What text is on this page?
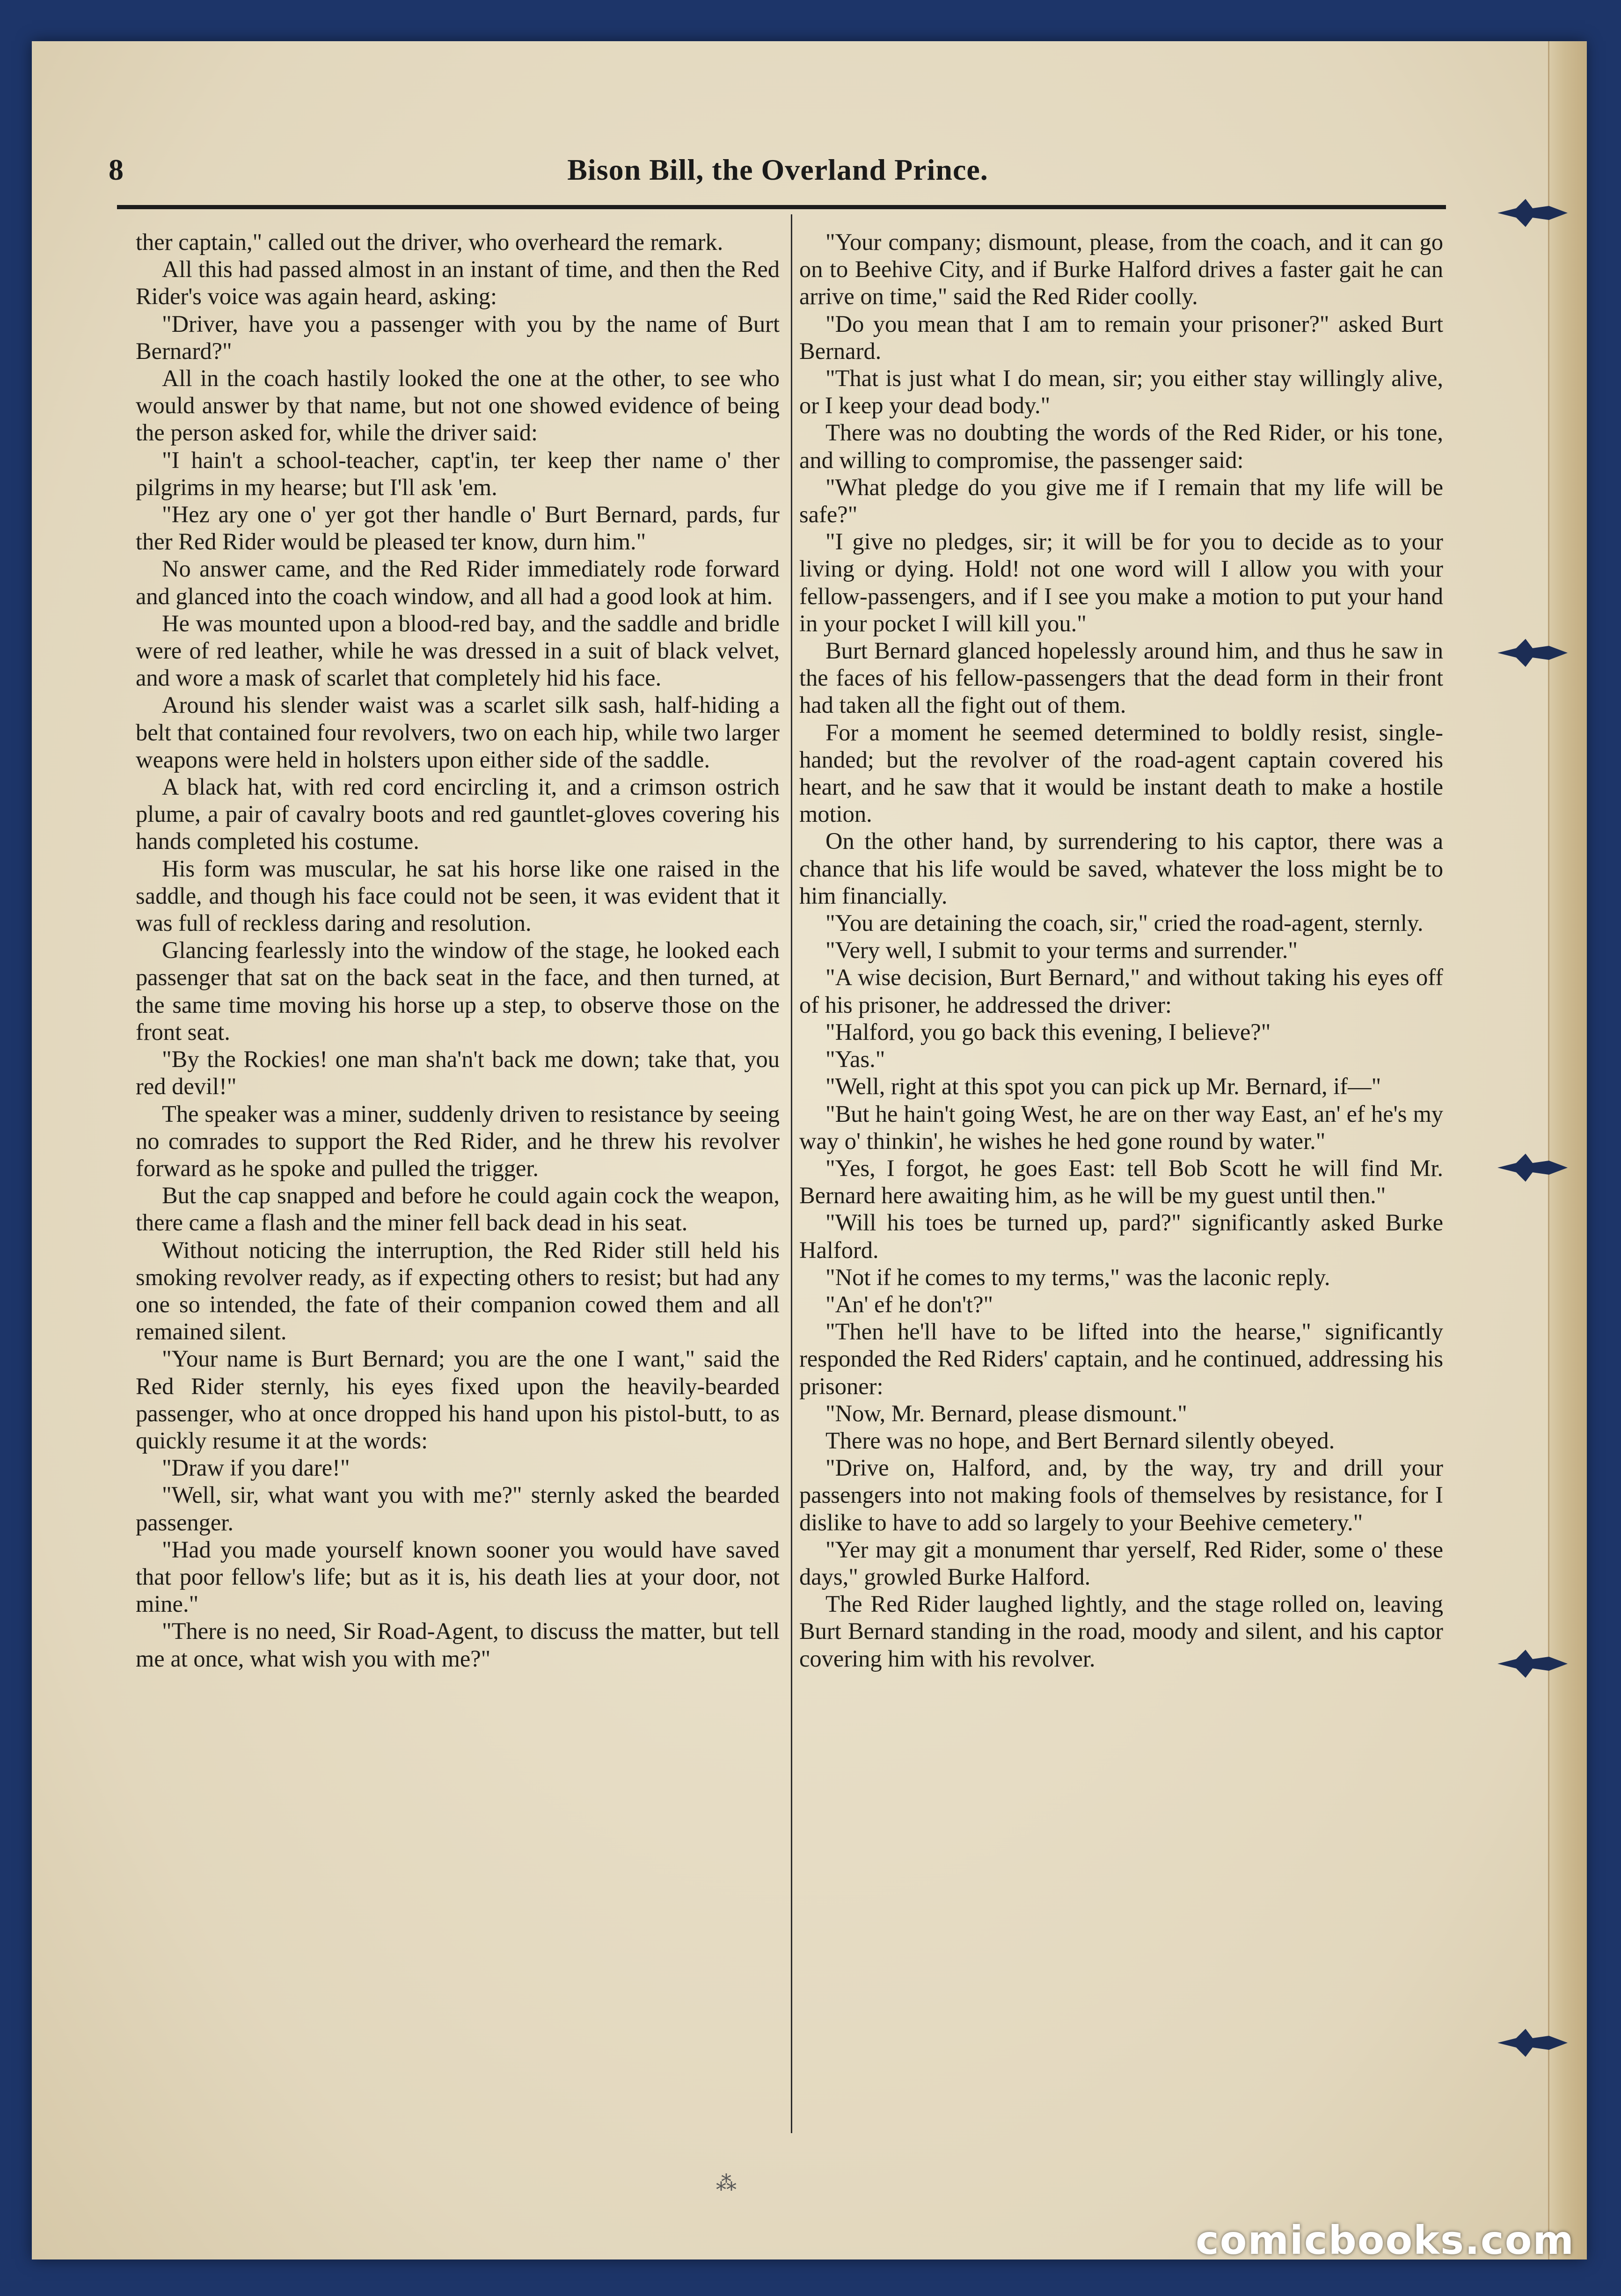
8	Bison Bill, the Overland Prince.

ther captain," called out the driver, who overheard the remark.

All this had passed almost in an instant of time, and then the Red Rider's voice was again heard, asking:

"Driver, have you a passenger with you by the name of Burt Bernard?"

All in the coach hastily looked the one at the other, to see who would answer by that name, but not one showed evidence of being the person asked for, while the driver said:

"I hain't a school-teacher, capt'in, ter keep ther name o' ther pilgrims in my hearse; but I'll ask 'em.

"Hez ary one o' yer got ther handle o' Burt Bernard, pards, fur ther Red Rider would be pleased ter know, durn him."

No answer came, and the Red Rider immediately rode forward and glanced into the coach window, and all had a good look at him.

He was mounted upon a blood-red bay, and the saddle and bridle were of red leather, while he was dressed in a suit of black velvet, and wore a mask of scarlet that completely hid his face.

Around his slender waist was a scarlet silk sash, half-hiding a belt that contained four revolvers, two on each hip, while two larger weapons were held in holsters upon either side of the saddle.

A black hat, with red cord encircling it, and a crimson ostrich plume, a pair of cavalry boots and red gauntlet-gloves covering his hands completed his costume.

His form was muscular, he sat his horse like one raised in the saddle, and though his face could not be seen, it was evident that it was full of reckless daring and resolution.

Glancing fearlessly into the window of the stage, he looked each passenger that sat on the back seat in the face, and then turned, at the same time moving his horse up a step, to observe those on the front seat.

"By the Rockies! one man sha'n't back me down; take that, you red devil!"

The speaker was a miner, suddenly driven to resistance by seeing no comrades to support the Red Rider, and he threw his revolver forward as he spoke and pulled the trigger.

But the cap snapped and before he could again cock the weapon, there came a flash and the miner fell back dead in his seat.

Without noticing the interruption, the Red Rider still held his smoking revolver ready, as if expecting others to resist; but had any one so intended, the fate of their companion cowed them and all remained silent.

"Your name is Burt Bernard; you are the one I want," said the Red Rider sternly, his eyes fixed upon the heavily-bearded passenger, who at once dropped his hand upon his pistol-butt, to as quickly resume it at the words:

"Draw if you dare!"

"Well, sir, what want you with me?" sternly asked the bearded passenger.

"Had you made yourself known sooner you would have saved that poor fellow's life; but as it is, his death lies at your door, not mine."

"There is no need, Sir Road-Agent, to discuss the matter, but tell me at once, what wish you with me?"

"Your company; dismount, please, from the coach, and it can go on to Beehive City, and if Burke Halford drives a faster gait he can arrive on time," said the Red Rider coolly.

"Do you mean that I am to remain your prisoner?" asked Burt Bernard.

"That is just what I do mean, sir; you either stay willingly alive, or I keep your dead body."

There was no doubting the words of the Red Rider, or his tone, and willing to compromise, the passenger said:

"What pledge do you give me if I remain that my life will be safe?"

"I give no pledges, sir; it will be for you to decide as to your living or dying. Hold! not one word will I allow you with your fellow-passengers, and if I see you make a motion to put your hand in your pocket I will kill you."

Burt Bernard glanced hopelessly around him, and thus he saw in the faces of his fellow-passengers that the dead form in their front had taken all the fight out of them.

For a moment he seemed determined to boldly resist, single-handed; but the revolver of the road-agent captain covered his heart, and he saw that it would be instant death to make a hostile motion.

On the other hand, by surrendering to his captor, there was a chance that his life would be saved, whatever the loss might be to him financially.

"You are detaining the coach, sir," cried the road-agent, sternly.

"Very well, I submit to your terms and surrender."

"A wise decision, Burt Bernard," and without taking his eyes off of his prisoner, he addressed the driver:

"Halford, you go back this evening, I believe?"

"Yas."

"Well, right at this spot you can pick up Mr. Bernard, if—"

"But he hain't going West, he are on ther way East, an' ef he's my way o' thinkin', he wishes he hed gone round by water."

"Yes, I forgot, he goes East: tell Bob Scott he will find Mr. Bernard here awaiting him, as he will be my guest until then."

"Will his toes be turned up, pard?" significantly asked Burke Halford.

"Not if he comes to my terms," was the laconic reply.

"An' ef he don't?"

"Then he'll have to be lifted into the hearse," significantly responded the Red Riders' captain, and he continued, addressing his prisoner:

"Now, Mr. Bernard, please dismount."

There was no hope, and Bert Bernard silently obeyed.

"Drive on, Halford, and, by the way, try and drill your passengers into not making fools of themselves by resistance, for I dislike to have to add so largely to your Beehive cemetery."

"Yer may git a monument thar yerself, Red Rider, some o' these days," growled Burke Halford.

The Red Rider laughed lightly, and the stage rolled on, leaving Burt Bernard standing in the road, moody and silent, and his captor covering him with his revolver.

⁂
comicbooks.com
